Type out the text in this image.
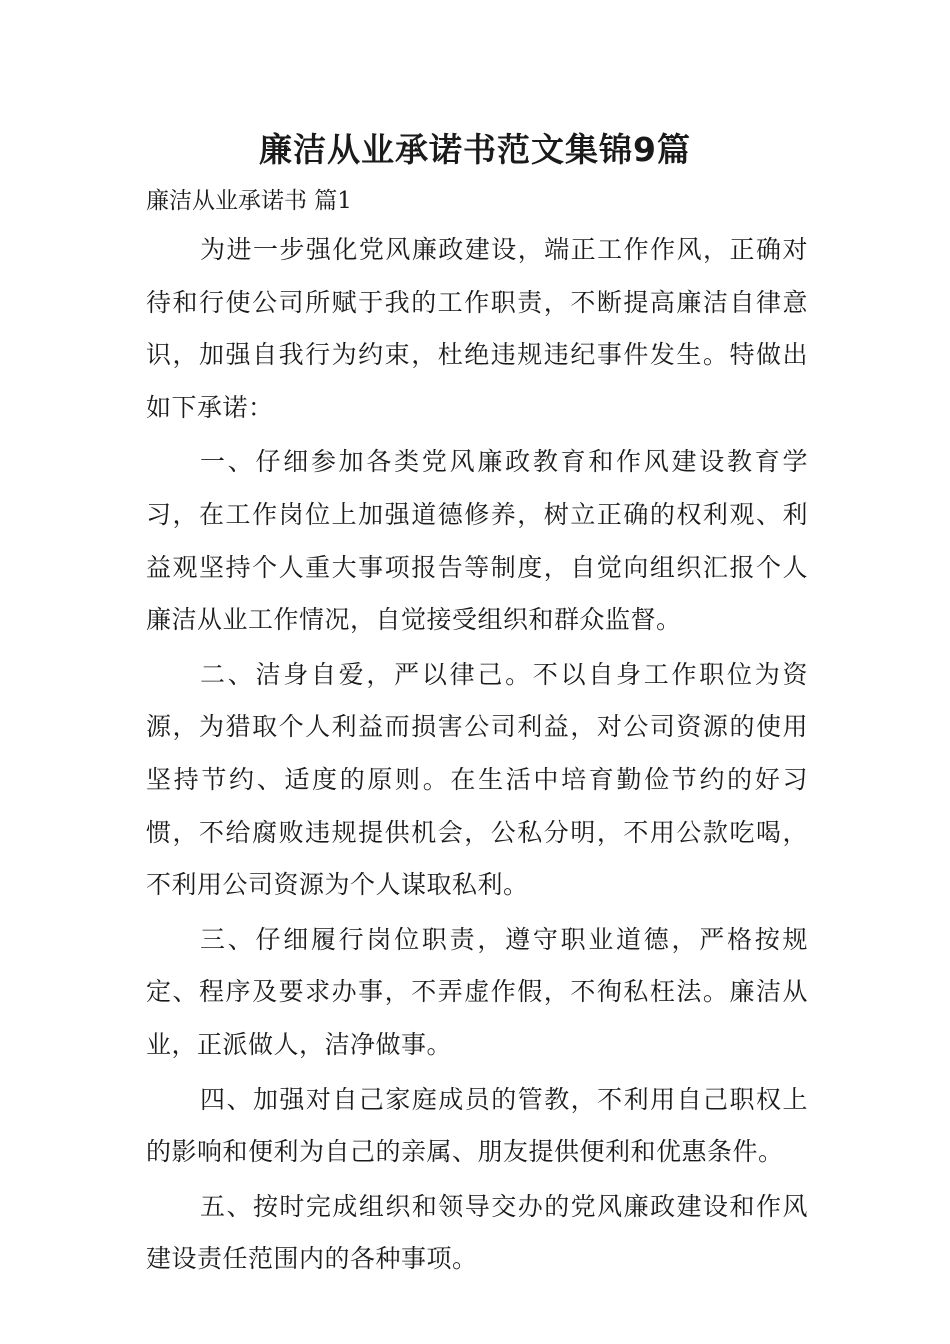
廉洁从业承诺书范文集锦9篇
廉洁从业承诺书 篇1

为进一步强化党风廉政建设，端正工作作风，正确对待和行使公司所赋于我的工作职责，不断提高廉洁自律意识，加强自我行为约束，杜绝违规违纪事件发生。特做出如下承诺：

一、仔细参加各类党风廉政教育和作风建设教育学习，在工作岗位上加强道德修养，树立正确的权利观、利益观坚持个人重大事项报告等制度，自觉向组织汇报个人廉洁从业工作情况，自觉接受组织和群众监督。

二、洁身自爱，严以律己。不以自身工作职位为资源，为猎取个人利益而损害公司利益，对公司资源的使用坚持节约、适度的原则。在生活中培育勤俭节约的好习惯，不给腐败违规提供机会，公私分明，不用公款吃喝，不利用公司资源为个人谋取私利。

三、仔细履行岗位职责，遵守职业道德，严格按规定、程序及要求办事，不弄虚作假，不徇私枉法。廉洁从业，正派做人，洁净做事。

四、加强对自己家庭成员的管教，不利用自己职权上的影响和便利为自己的亲属、朋友提供便利和优惠条件。

五、按时完成组织和领导交办的党风廉政建设和作风建设责任范围内的各种事项。
